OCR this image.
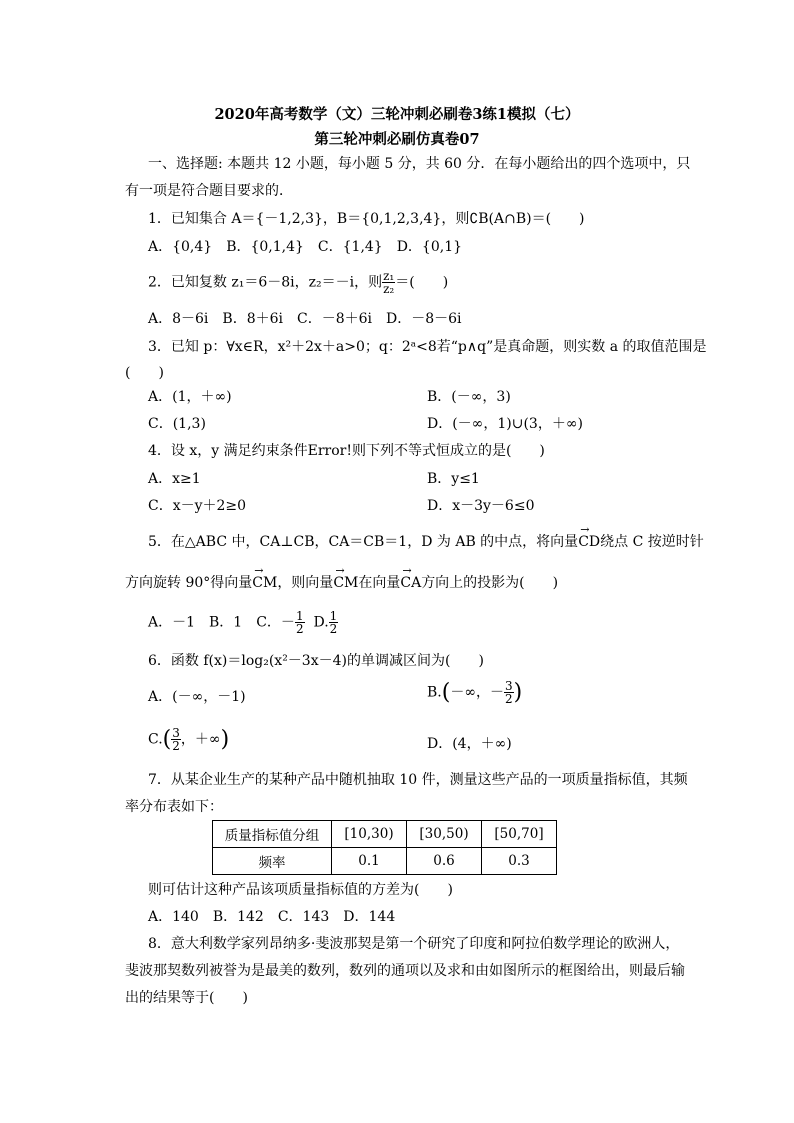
2020年高考数学（文）三轮冲刺必刷卷3练1模拟（七）
第三轮冲刺必刷仿真卷07
一、选择题: 本题共 12 小题，每小题 5 分，共 60 分．在每小题给出的四个选项中，只
有一项是符合题目要求的．
1．已知集合 A＝{－1,2,3}，B＝{0,1,2,3,4}，则∁B(A∩B)＝(　　)
A．{0,4}　B．{0,1,4}　C．{1,4}　D．{0,1}
2．已知复数 z₁＝6－8i，z₂＝－i，则 $\frac{\text{z₁}}{\text{z₂}}$ ＝(　　)
A．8－6i　B．8＋6i　C．－8＋6i　D．－8－6i
3．已知 p：∀x∈R，x²＋2x＋a>0；q：2ᵃ<8若“p∧q”是真命题，则实数 a 的取值范围是
(　　)
A．(1，＋∞)	B．(－∞，3)
C．(1,3)	D．(－∞，1)∪(3，＋∞)
4．设 x，y 满足约束条件Error!则下列不等式恒成立的是(　　)
A．x≥1	B．y≤1
C．x－y＋2≥0	D．x－3y－6≤0
5．在△ABC 中，CA⊥CB，CA＝CB＝1，D 为 AB 的中点，将向量→ CD绕点 C 按逆时针
方向旋转 90°得向量→ CM，则向量→ CM在向量→ CA方向上的投影为(　　)
A．－1　B．1　C．－ $\frac{1}{2} D$. $\frac{1}{2}$
6．函数 f(x)＝log₂(x²－3x－4)的单调减区间为(　　)
A．(－∞，－1)	B.(－∞，－ $\frac{3}{2}$ )
$C.( \frac{3}{2}$ ，＋∞)	D．(4，＋∞)
7．从某企业生产的某种产品中随机抽取 10 件，测量这些产品的一项质量指标值，其频
率分布表如下：
质量指标值分组	[10,30)	[30,50)	[50,70]
频率	0.1	0.6	0.3
则可估计这种产品该项质量指标值的方差为(　　)
A．140　B．142　C．143　D．144
8．意大利数学家列昂纳多·斐波那契是第一个研究了印度和阿拉伯数学理论的欧洲人，
斐波那契数列被誉为是最美的数列，数列的通项以及求和由如图所示的框图给出，则最后输
出的结果等于(　　)
